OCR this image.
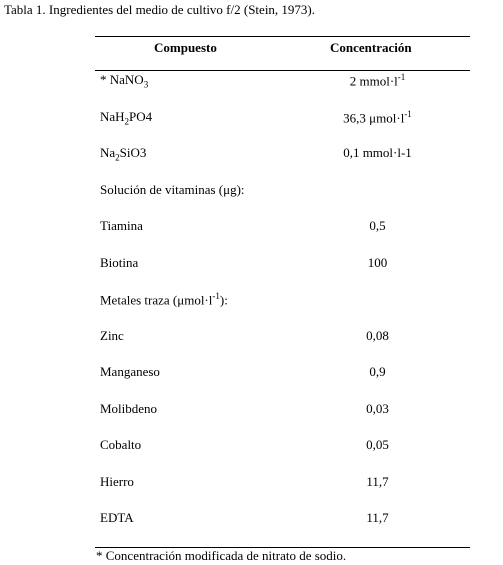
Tabla 1. Ingredientes del medio de cultivo f/2 (Stein, 1973).
Compuesto	Concentración
* NaNO$_3$	2 $mmol\cdot l^{-1}$
NaH$_2$PO4	36,3 $\mu mol\cdot l^{-1}$
$Na_2SiO3$	0,1 mmol·l-1
Solución de vitaminas (μg):
Tiamina	0,5
Biotina	100
Metales traza $(\mu mol\cdot l^{-1})$:
Zinc	0,08
Manganeso	0,9
Molibdeno	0,03
Cobalto	0,05
Hierro	11,7
EDTA	11,7
* Concentración modificada de nitrato de sodio.
